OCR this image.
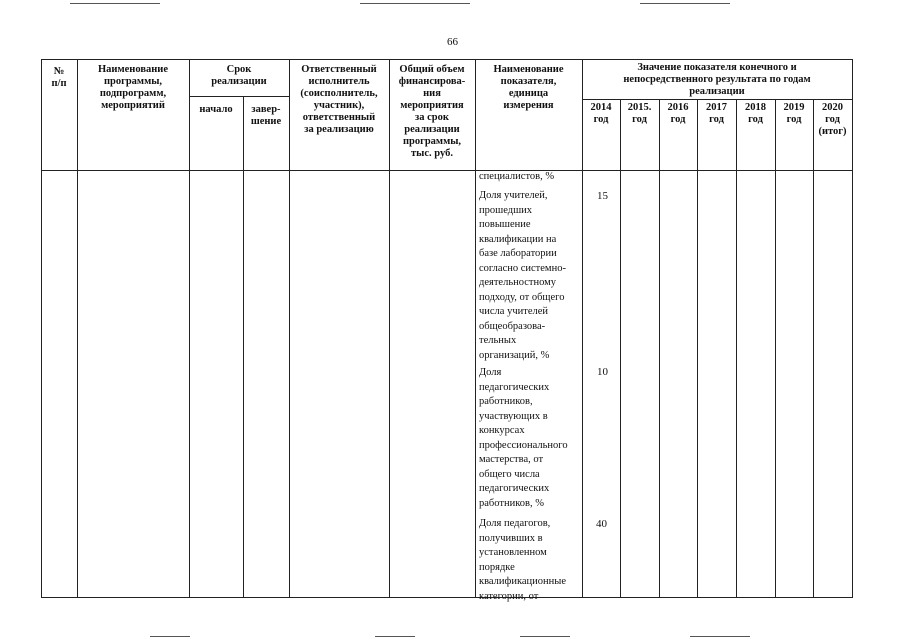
66
№
п/п
Наименование
программы,
подпрограмм,
мероприятий
Срок
реализации
начало	завер-
шение
Ответственный
исполнитель
(соисполнитель,
участник),
ответственный
за реализацию
Общий объем
финансирова-
ния
мероприятия
за срок
реализации
программы,
тыс. руб.
Наименование
показателя,
единица
измерения
Значение показателя конечного и
непосредственного результата по годам
реализации
2014
год
2015.
год
2016
год
2017
год
2018
год
2019
год
2020
год
(итог)
специалистов, %
Доля учителей,
прошедших
повышение
квалификации на
базе лаборатории
согласно системно-
деятельностному
подходу, от общего
числа учителей
общеобразова-
тельных
организаций, %
15
Доля
педагогических
работников,
участвующих в
конкурсах
профессионального
мастерства, от
общего числа
педагогических
работников, %
10
Доля педагогов,
получивших в
установленном
порядке
квалификационные
категории, от
40
